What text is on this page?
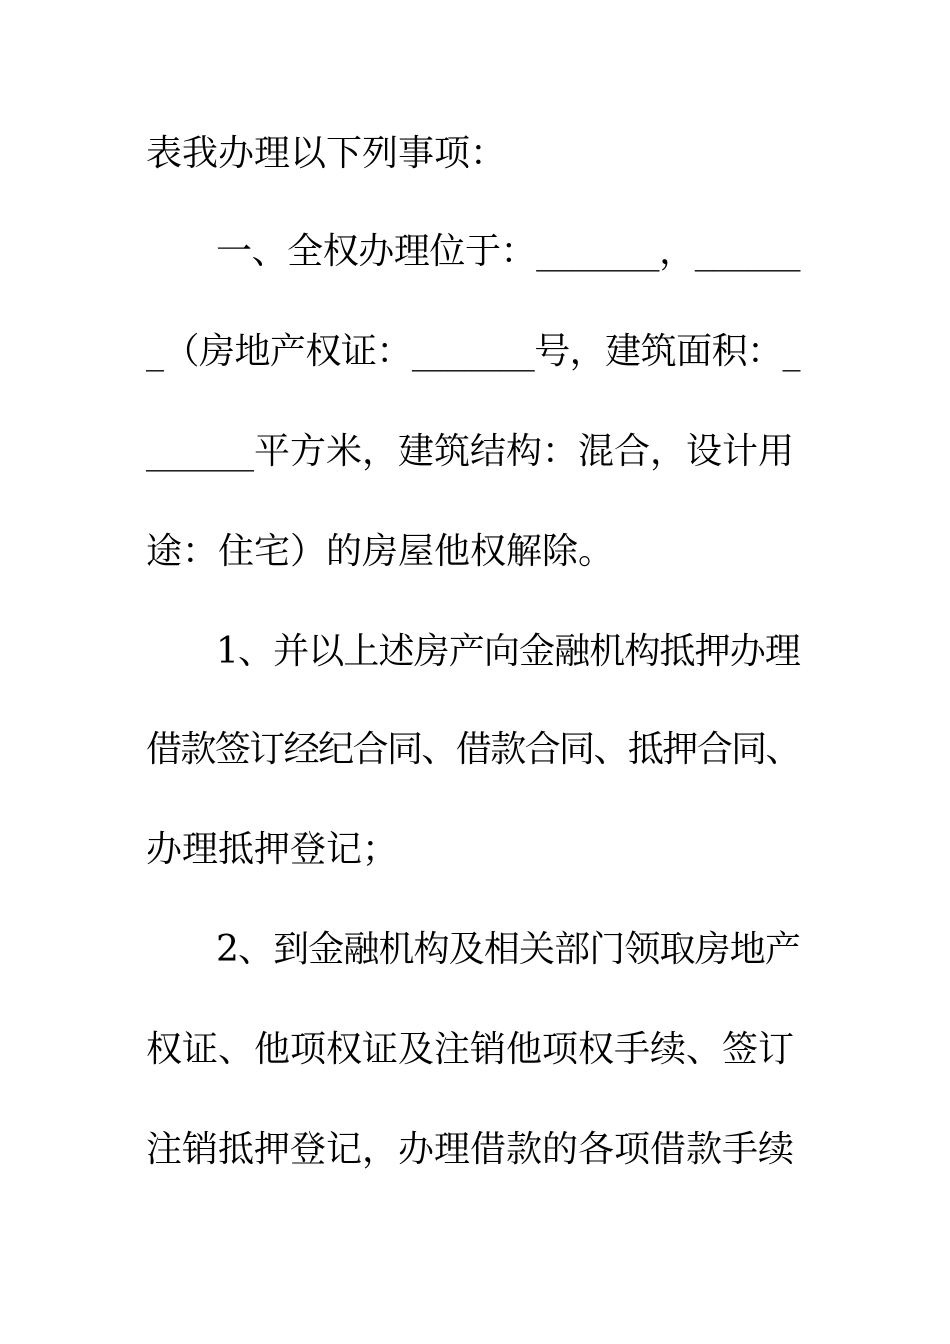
表我办理以下列事项：
一、全权办理位于：_______，______
_（房地产权证：_______号，建筑面积：_
______平方米，建筑结构：混合，设计用
途：住宅）的房屋他权解除。
1、并以上述房产向金融机构抵押办理
借款签订经纪合同、借款合同、抵押合同、
办理抵押登记；
2、到金融机构及相关部门领取房地产
权证、他项权证及注销他项权手续、签订
注销抵押登记，办理借款的各项借款手续
